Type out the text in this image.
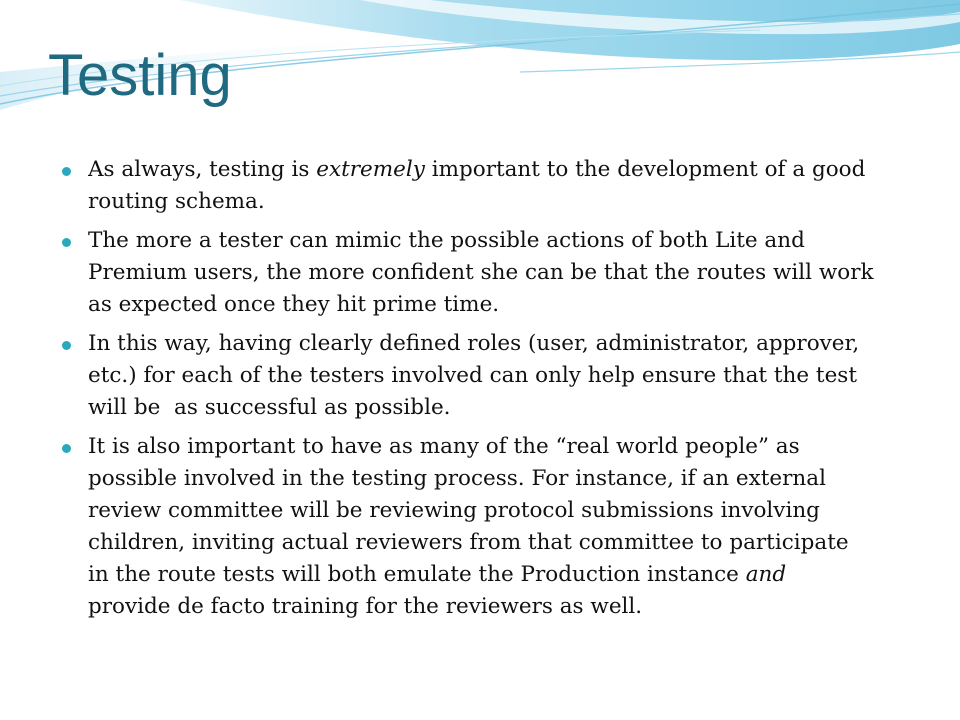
Testing
As always, testing is extremely important to the development of a good
routing schema.
The more a tester can mimic the possible actions of both Lite and
Premium users, the more confident she can be that the routes will work
as expected once they hit prime time.
In this way, having clearly defined roles (user, administrator, approver,
etc.) for each of the testers involved can only help ensure that the test
will be  as successful as possible.
It is also important to have as many of the “real world people” as
possible involved in the testing process. For instance, if an external
review committee will be reviewing protocol submissions involving
children, inviting actual reviewers from that committee to participate
in the route tests will both emulate the Production instance and
provide de facto training for the reviewers as well.
